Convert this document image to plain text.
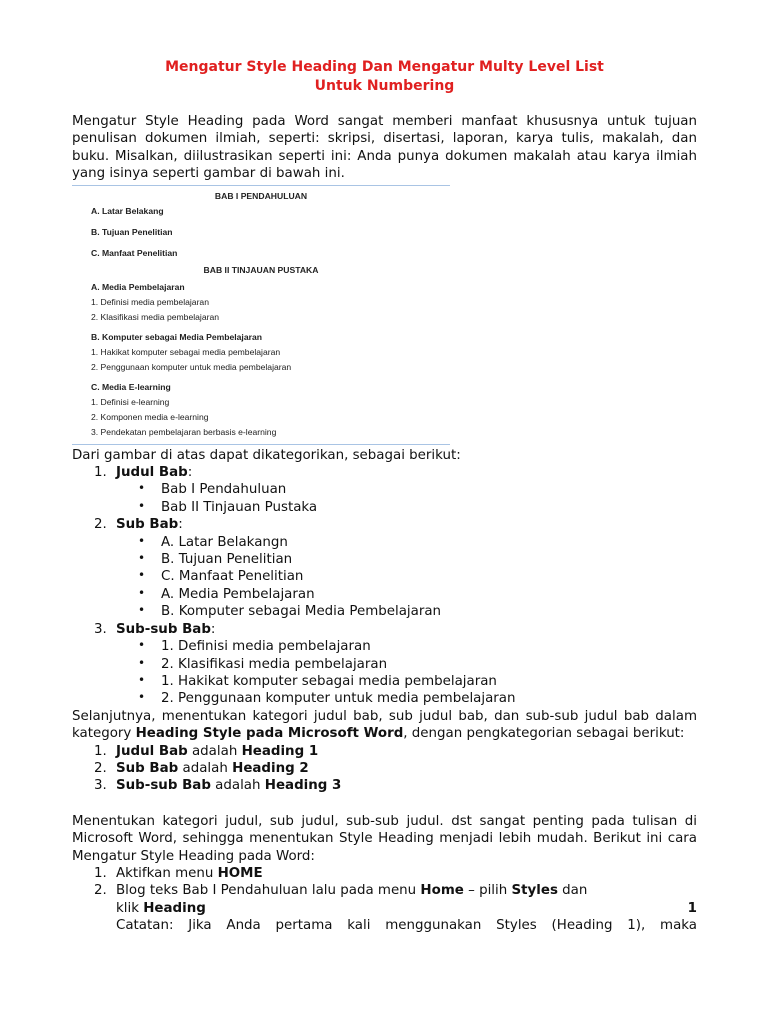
Mengatur Style Heading Dan Mengatur Multy Level List

Untuk Numbering

Mengatur Style Heading pada Word sangat memberi manfaat khususnya untuk tujuan penulisan dokumen ilmiah, seperti: skripsi, disertasi, laporan, karya tulis, makalah, dan buku. Misalkan, diilustrasikan seperti ini: Anda punya dokumen makalah atau karya ilmiah yang isinya seperti gambar di bawah ini.

BAB I PENDAHULUAN
A. Latar Belakang
B. Tujuan Penelitian
C. Manfaat Penelitian
BAB II TINJAUAN PUSTAKA
A. Media Pembelajaran
1. Definisi media pembelajaran
2. Klasifikasi media pembelajaran
B. Komputer sebagai Media Pembelajaran
1. Hakikat komputer sebagai media pembelajaran
2. Penggunaan komputer untuk media pembelajaran
C. Media E-learning
1. Definisi e-learning
2. Komponen media e-learning
3. Pendekatan pembelajaran berbasis e-learning

Dari gambar di atas dapat dikategorikan, sebagai berikut:

1. Judul Bab:
• Bab I Pendahuluan
• Bab II Tinjauan Pustaka
2. Sub Bab:
• A. Latar Belakangn
• B. Tujuan Penelitian
• C. Manfaat Penelitian
• A. Media Pembelajaran
• B. Komputer sebagai Media Pembelajaran
3. Sub-sub Bab:
• 1. Definisi media pembelajaran
• 2. Klasifikasi media pembelajaran
• 1. Hakikat komputer sebagai media pembelajaran
• 2. Penggunaan komputer untuk media pembelajaran

Selanjutnya, menentukan kategori judul bab, sub judul bab, dan sub-sub judul bab dalam kategory Heading Style pada Microsoft Word, dengan pengkategorian sebagai berikut:

1. Judul Bab adalah Heading 1
2. Sub Bab adalah Heading 2
3. Sub-sub Bab adalah Heading 3

Menentukan kategori judul, sub judul, sub-sub judul. dst sangat penting pada tulisan di Microsoft Word, sehingga menentukan Style Heading menjadi lebih mudah. Berikut ini cara Mengatur Style Heading pada Word:

1. Aktifkan menu HOME
2. Blog teks Bab I Pendahuluan lalu pada menu Home – pilih Styles dan
klik Heading	1
Catatan: Jika Anda pertama kali menggunakan Styles (Heading 1), maka
